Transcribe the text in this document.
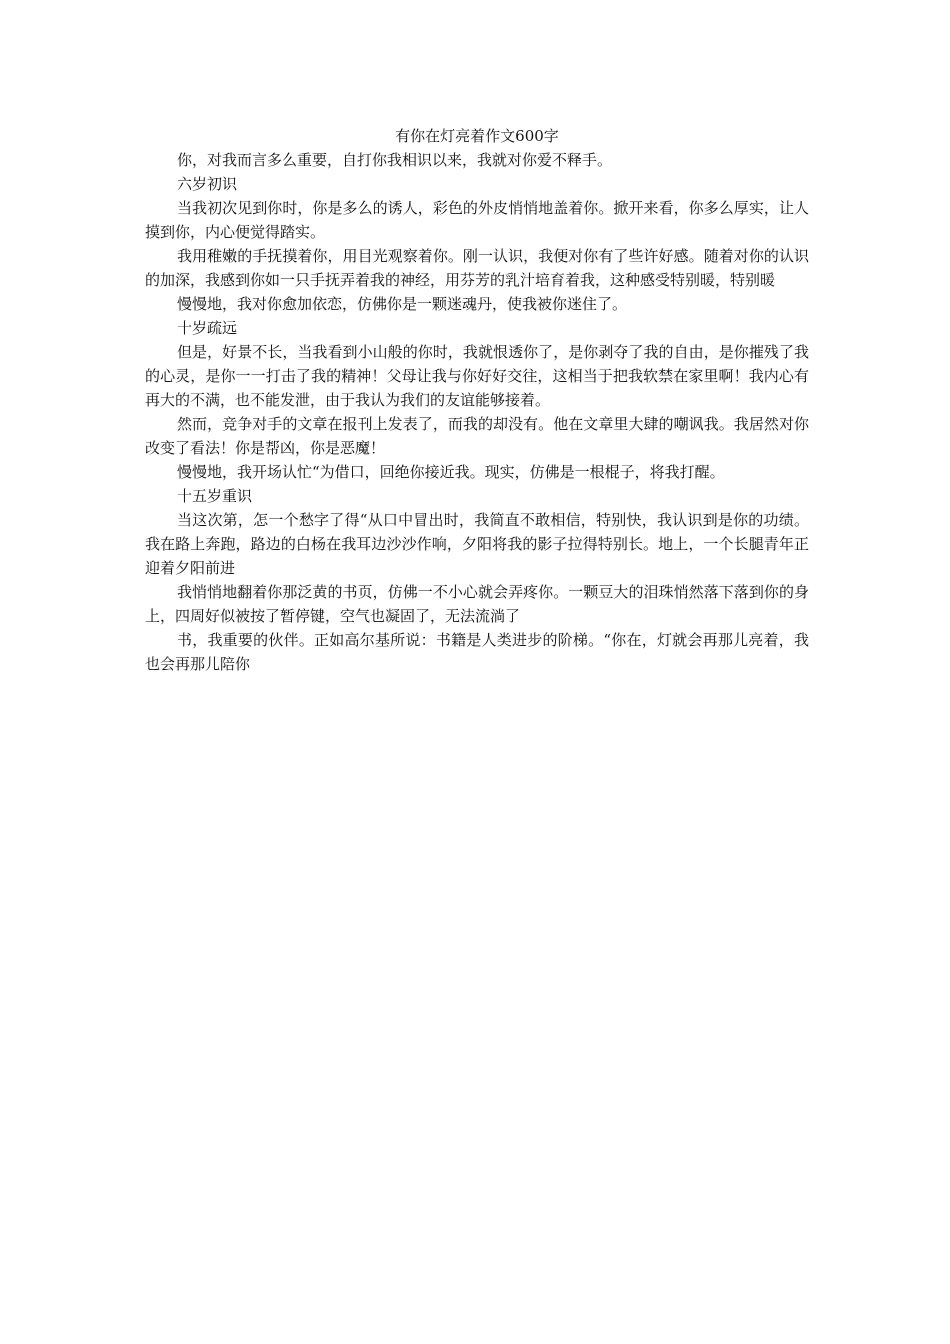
有你在灯亮着作文600字

你，对我而言多么重要，自打你我相识以来，我就对你爱不释手。

六岁初识

当我初次见到你时，你是多么的诱人，彩色的外皮悄悄地盖着你。掀开来看，你多么厚实，让人摸到你，内心便觉得踏实。

我用稚嫩的手抚摸着你，用目光观察着你。刚一认识，我便对你有了些许好感。随着对你的认识的加深，我感到你如一只手抚弄着我的神经，用芬芳的乳汁培育着我，这种感受特别暖，特别暖

慢慢地，我对你愈加依恋，仿佛你是一颗迷魂丹，使我被你迷住了。

十岁疏远

但是，好景不长，当我看到小山般的你时，我就恨透你了，是你剥夺了我的自由，是你摧残了我的心灵，是你一一打击了我的精神！父母让我与你好好交往，这相当于把我软禁在家里啊！我内心有再大的不满，也不能发泄，由于我认为我们的友谊能够接着。

然而，竞争对手的文章在报刊上发表了，而我的却没有。他在文章里大肆的嘲讽我。我居然对你改变了看法！你是帮凶，你是恶魔！

慢慢地，我开场认忙“为借口，回绝你接近我。现实，仿佛是一根棍子，将我打醒。

十五岁重识

当这次第，怎一个愁字了得“从口中冒出时，我简直不敢相信，特别快，我认识到是你的功绩。我在路上奔跑，路边的白杨在我耳边沙沙作响，夕阳将我的影子拉得特别长。地上，一个长腿青年正迎着夕阳前进

我悄悄地翻着你那泛黄的书页，仿佛一不小心就会弄疼你。一颗豆大的泪珠悄然落下落到你的身上，四周好似被按了暂停键，空气也凝固了，无法流淌了

书，我重要的伙伴。正如高尔基所说：书籍是人类进步的阶梯。“你在，灯就会再那儿亮着，我也会再那儿陪你
